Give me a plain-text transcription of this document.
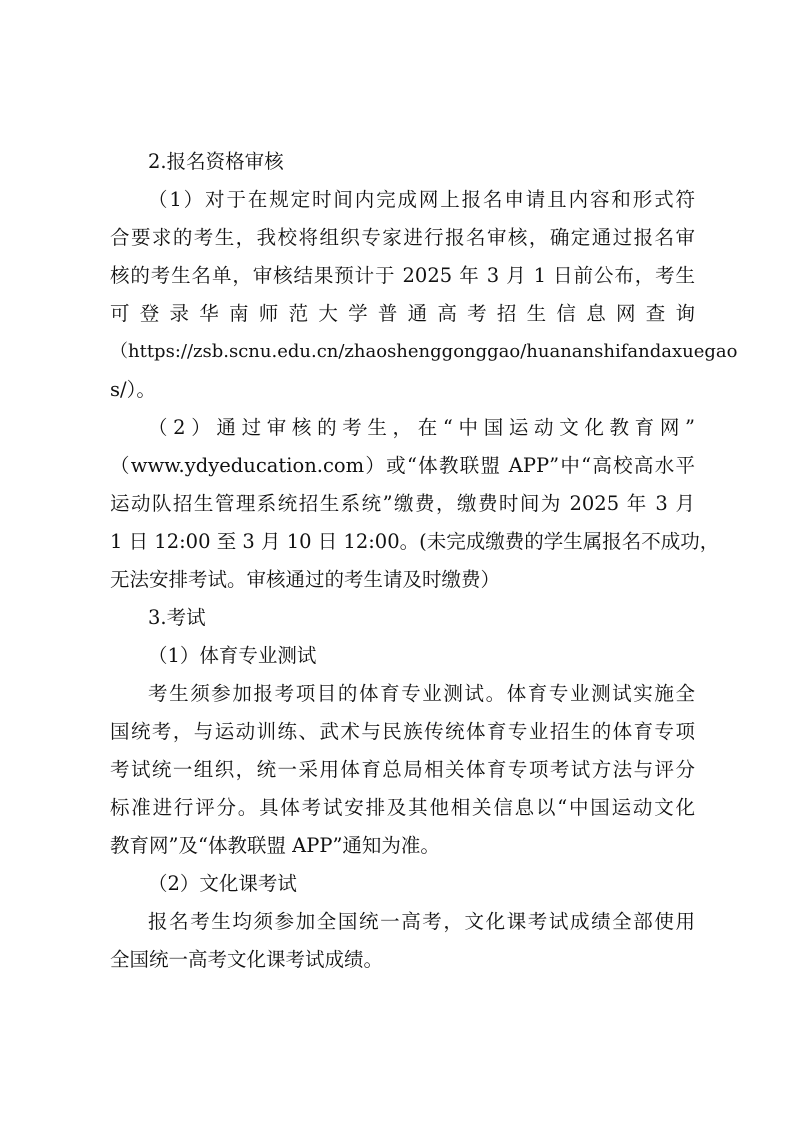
2.报名资格审核
（1）对于在规定时间内完成网上报名申请且内容和形式符
合要求的考生，我校将组织专家进行报名审核，确定通过报名审
核的考生名单，审核结果预计于 2025 年 3 月 1 日前公布，考生
可登录华南师范大学普通高考招生信息网查询
（https://zsb.scnu.edu.cn/zhaoshenggonggao/huananshifandaxuegao
s/）。
（2）通过审核的考生，在“中国运动文化教育网”
（www.ydyeducation.com）或“体教联盟 APP”中“高校高水平
运动队招生管理系统招生系统”缴费，缴费时间为 2025 年 3 月
1 日 12:00 至 3 月 10 日 12:00。(未完成缴费的学生属报名不成功，
无法安排考试。审核通过的考生请及时缴费）
3.考试
（1）体育专业测试
考生须参加报考项目的体育专业测试。体育专业测试实施全
国统考，与运动训练、武术与民族传统体育专业招生的体育专项
考试统一组织，统一采用体育总局相关体育专项考试方法与评分
标准进行评分。具体考试安排及其他相关信息以“中国运动文化
教育网”及“体教联盟 APP”通知为准。
（2）文化课考试
报名考生均须参加全国统一高考，文化课考试成绩全部使用
全国统一高考文化课考试成绩。
